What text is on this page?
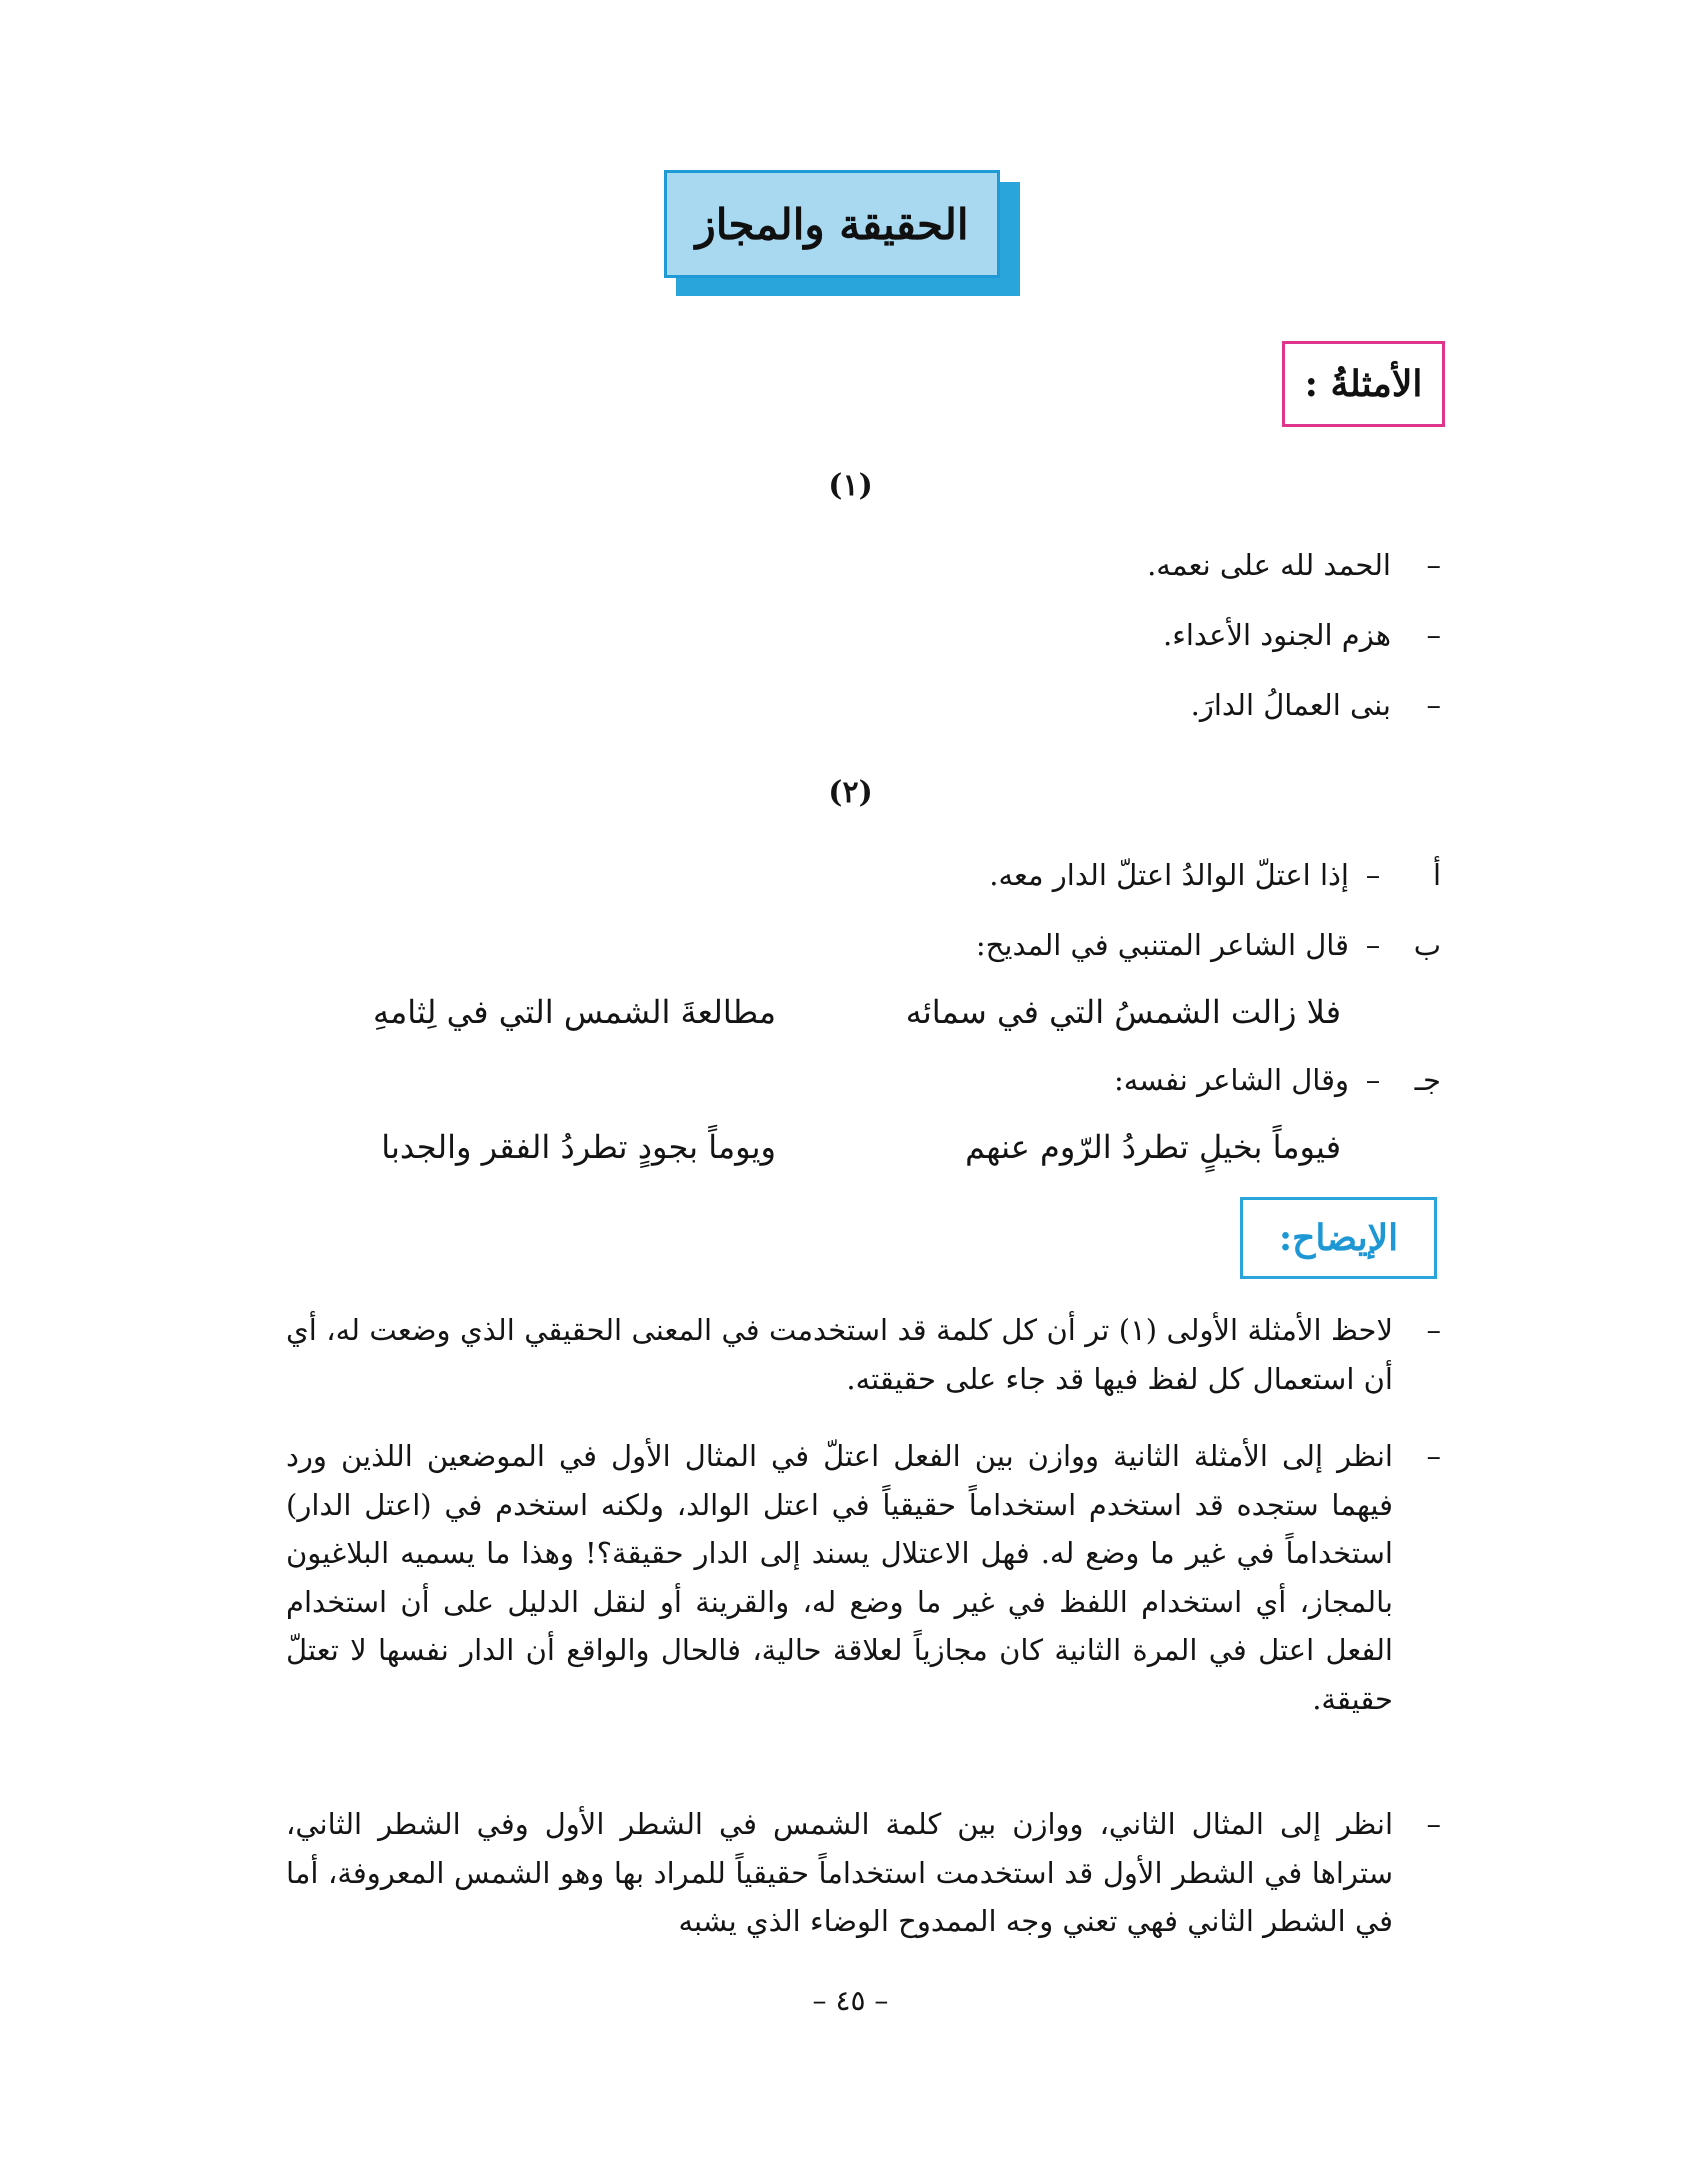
الحقيقة والمجاز
الأمثلةُ :
(١)
–الحمد لله على نعمه.
–هزم الجنود الأعداء.
–بنى العمالُ الدارَ.
(٢)
أ–إذا اعتلّ الوالدُ اعتلّ الدار معه.
ب–قال الشاعر المتنبي في المديح:
فلا زالت الشمسُ التي في سمائه
مطالعةَ الشمس التي في لِثامهِ
جـ–وقال الشاعر نفسه:
فيوماً بخيلٍ تطردُ الرّوم عنهم
ويوماً بجودٍ تطردُ الفقر والجدبا
الإيضاح:
–
لاحظ الأمثلة الأولى (١) تر أن كل كلمة قد استخدمت في المعنى الحقيقي الذي وضعت له، أي أن استعمال كل لفظ فيها قد جاء على حقيقته.
–
انظر إلى الأمثلة الثانية ووازن بين الفعل اعتلّ في المثال الأول في الموضعين اللذين ورد فيهما ستجده قد استخدم استخداماً حقيقياً في اعتل الوالد، ولكنه استخدم في (اعتل الدار) استخداماً في غير ما وضع له. فهل الاعتلال يسند إلى الدار حقيقة؟! وهذا ما يسميه البلاغيون بالمجاز، أي استخدام اللفظ في غير ما وضع له، والقرينة أو لنقل الدليل على أن استخدام الفعل اعتل في المرة الثانية كان مجازياً لعلاقة حالية، فالحال والواقع أن الدار نفسها لا تعتلّ حقيقة.
–
انظر إلى المثال الثاني، ووازن بين كلمة الشمس في الشطر الأول وفي الشطر الثاني، ستراها في الشطر الأول قد استخدمت استخداماً حقيقياً للمراد بها وهو الشمس المعروفة، أما في الشطر الثاني فهي تعني وجه الممدوح الوضاء الذي يشبه
– ٤٥ –
